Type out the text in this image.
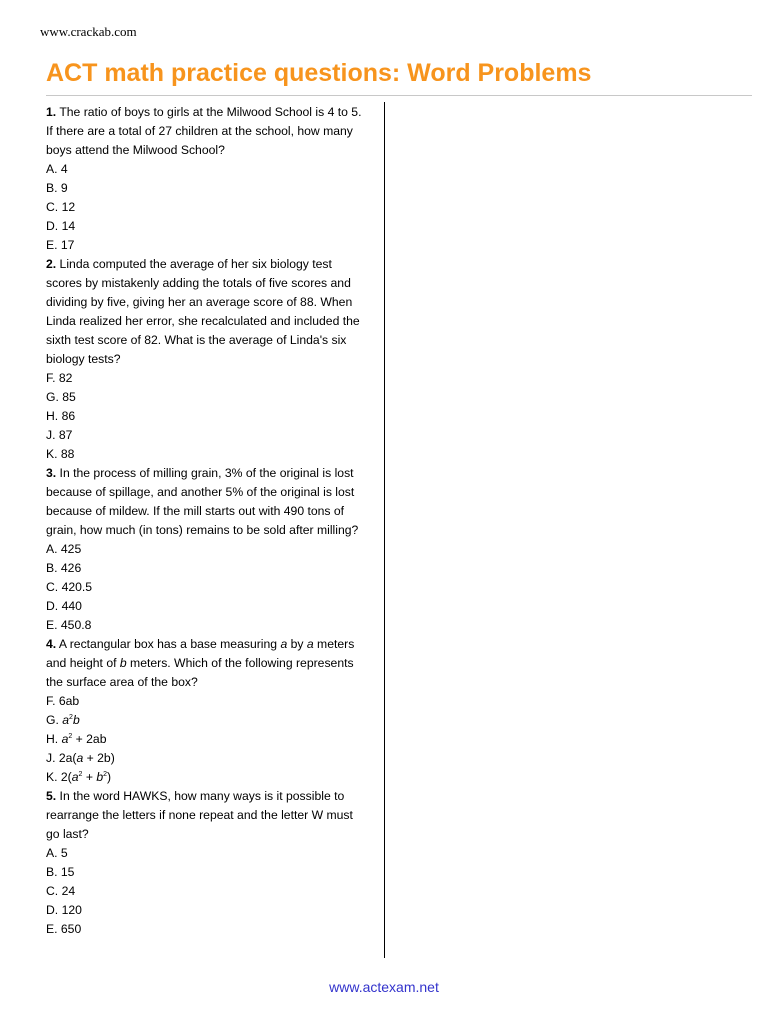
www.crackab.com
ACT math practice questions: Word Problems
1. The ratio of boys to girls at the Milwood School is 4 to 5.
If there are a total of 27 children at the school, how many
boys attend the Milwood School?
A. 4
B. 9
C. 12
D. 14
E. 17
2. Linda computed the average of her six biology test
scores by mistakenly adding the totals of five scores and
dividing by five, giving her an average score of 88. When
Linda realized her error, she recalculated and included the
sixth test score of 82. What is the average of Linda's six
biology tests?
F. 82
G. 85
H. 86
J. 87
K. 88
3. In the process of milling grain, 3% of the original is lost
because of spillage, and another 5% of the original is lost
because of mildew. If the mill starts out with 490 tons of
grain, how much (in tons) remains to be sold after milling?
A. 425
B. 426
C. 420.5
D. 440
E. 450.8
4. A rectangular box has a base measuring a by a meters
and height of b meters. Which of the following represents
the surface area of the box?
F. 6ab
G. $a^2b$
H. $a^2 + 2ab$
J. 2a(a + 2b)
K. $2(a^2 + b^2)$
5. In the word HAWKS, how many ways is it possible to
rearrange the letters if none repeat and the letter W must
go last?
A. 5
B. 15
C. 24
D. 120
E. 650
www.actexam.net
